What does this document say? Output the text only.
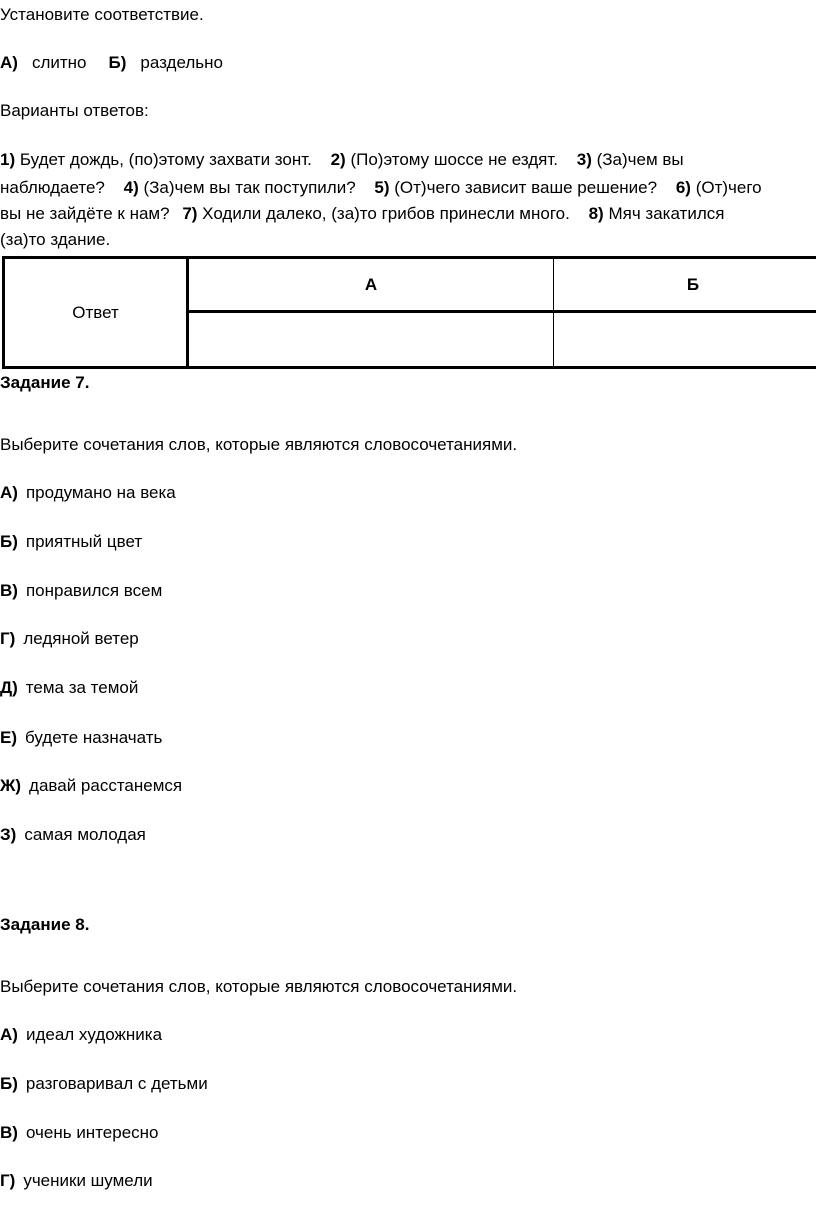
Установите соответствие.
А) слитно Б) раздельно
Варианты ответов:
1) Будет дождь, (по)этому захвати зонт. 2) (По)этому шоссе не ездят. 3) (За)чем вы
наблюдаете? 4) (За)чем вы так поступили? 5) (От)чего зависит ваше решение? 6) (От)чего
вы не зайдёте к нам? 7) Ходили далеко, (за)то грибов принесли много. 8) Мяч закатился
(за)то здание.
Ответ	А	Б

Задание 7.
Выберите сочетания слов, которые являются словосочетаниями.
А) продумано на века
Б) приятный цвет
В) понравился всем
Г) ледяной ветер
Д) тема за темой
Е) будете назначать
Ж) давай расстанемся
З) самая молодая
Задание 8.
Выберите сочетания слов, которые являются словосочетаниями.
А) идеал художника
Б) разговаривал с детьми
В) очень интересно
Г) ученики шумели
